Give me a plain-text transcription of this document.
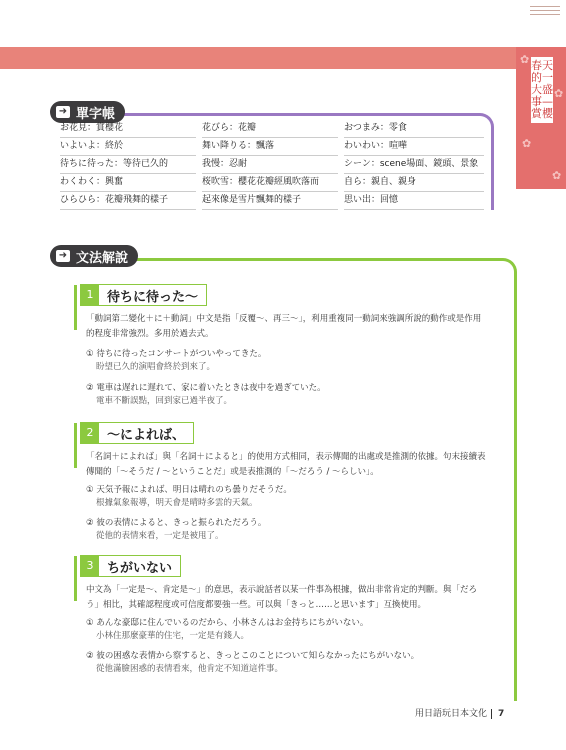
✿
✿
✿
✿
春天的一大盛事—賞櫻
➜ 單字帳
お花見：賞櫻花	花びら：花瓣	おつまみ：零食
いよいよ：終於	舞い降りる：飄落	わいわい：喧嘩
待ちに待った：等待已久的	我慢：忍耐	シーン：scene場面、鏡頭、景象
わくわく：興奮	桜吹雪：櫻花花瓣經風吹落而	自ら：親自、親身
ひらひら：花瓣飛舞的樣子	起來像是雪片飄舞的樣子	思い出：回憶
➜ 文法解說
1	待ちに待った～
「動詞第二變化＋に＋動詞」中文是指「反覆～、再三～」，利用重複同一動詞來強調所說的動作或是作用的程度非常強烈。多用於過去式。
① 待ちに待ったコンサートがついやってきた。
盼望已久的演唱會終於到來了。
② 電車は遅れに遅れて、家に着いたときは夜中を過ぎていた。
電車不斷誤點，回到家已過半夜了。
2	～によれば、
「名詞＋によれば」與「名詞＋によると」的使用方式相同，表示傳聞的出處或是推測的依據。句末接續表傳聞的「～そうだ / ～ということだ」或是表推測的「～だろう / ～らしい」。
① 天気予報によれば、明日は晴れのち曇りだそうだ。
根據氣象報導，明天會是晴時多雲的天氣。
② 彼の表情によると、きっと振られただろう。
從他的表情來看，一定是被甩了。
3	ちがいない
中文為「一定是～、肯定是～」的意思，表示說話者以某一件事為根據，做出非常肯定的判斷。與「だろう」相比，其確認程度或可信度都要強一些。可以與「きっと……と思います」互換使用。
① あんな豪邸に住んでいるのだから、小林さんはお金持ちにちがいない。
小林住那麼豪華的住宅，一定是有錢人。
② 彼の困惑な表情から察すると、きっとこのことについて知らなかったにちがいない。
從他滿臉困惑的表情看來，他肯定不知道這件事。
用日語玩日本文化 7
